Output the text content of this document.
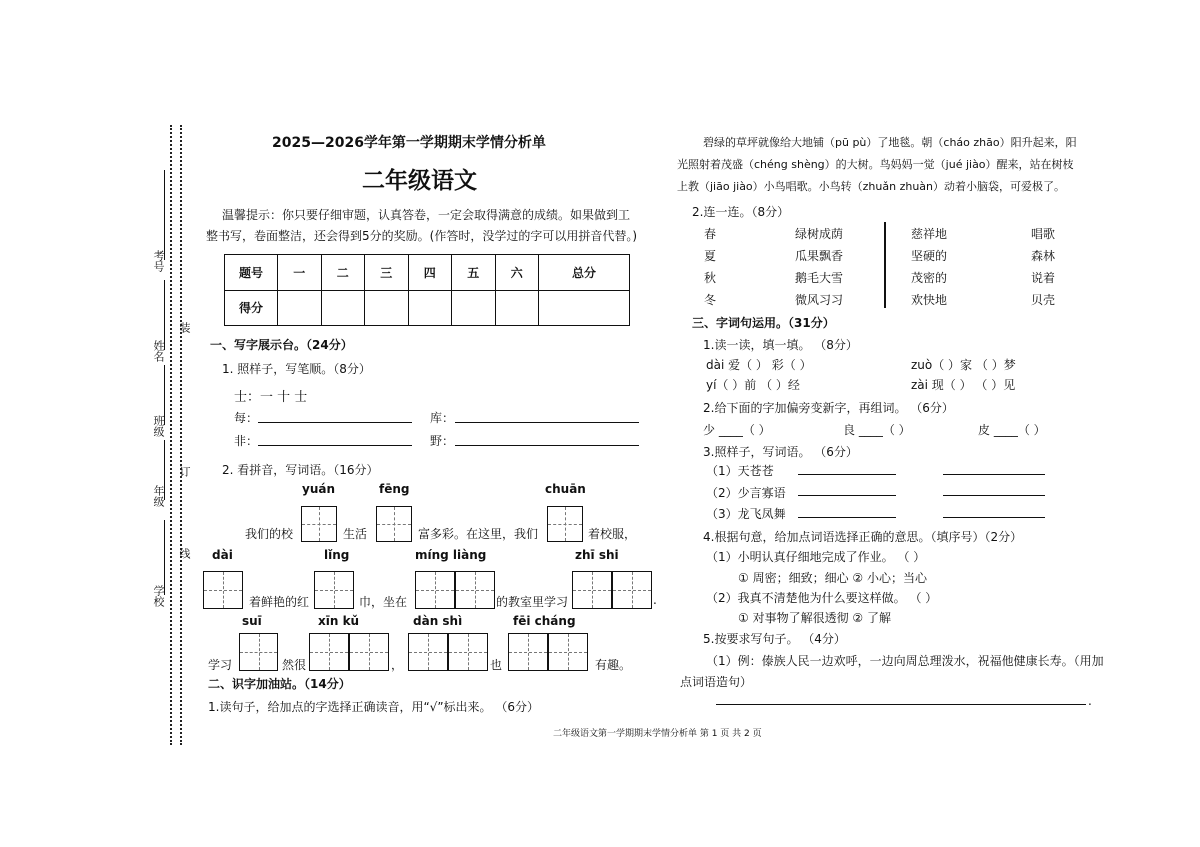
考号
姓名
装
班级
订
年级
线
学校
2025—2026学年第一学期期末学情分析单
二年级语文
温馨提示：你只要仔细审题，认真答卷，一定会取得满意的成绩。如果做到工
整书写，卷面整洁，还会得到5分的奖励。(作答时，没学过的字可以用拼音代替。)
题号	一	二	三	四	五	六	总分
得分							
一、写字展示台。（24分）
1. 照样子，写笔顺。（8分）
士：一 十 士
每：	库：
非：	野：
2. 看拼音，写词语。（16分）
yuán	fēng	chuān
我们的校	生活	富多彩。在这里，我们	着校服，
dài	lǐng	míng liàng	zhī shi
着鲜艳的红	巾，坐在	的教室里学习	.
suī	xīn kǔ	dàn shì	fēi cháng
学习	然很	，	也	有趣。
二、识字加油站。（14分）
1.读句子，给加点的字选择正确读音，用“√”标出来。 （6分）
碧绿的草坪就像给大地铺（pū pù）了地毯。朝（cháo zhāo）阳升起来，阳
光照射着茂盛（chéng shèng）的大树。鸟妈妈一觉（jué jiào）醒来，站在树枝
上教（jiāo jiào）小鸟唱歌。小鸟转（zhuǎn zhuàn）动着小脑袋，可爱极了。
2.连一连。（8分）
春	绿树成荫	慈祥地	唱歌
夏	瓜果飘香	坚硬的	森林
秋	鹅毛大雪	茂密的	说着
冬	微风习习	欢快地	贝壳
三、字词句运用。（31分）
1.读一读，填一填。 （8分）
dài 爱（ ） 彩（ ）	zuò（ ）家 （ ）梦
yí（ ）前 （ ）经	zài 现（ ） （ ）见
2.给下面的字加偏旁变新字，再组词。 （6分）
少 ____（ ）	良 ____（ ）	皮 ____（ ）
3.照样子，写词语。 （6分）
（1）天苍苍
（2）少言寡语
（3）龙飞凤舞
4.根据句意，给加点词语选择正确的意思。（填序号）（2分）
（1）小明认真仔细地完成了作业。 （ ）
① 周密；细致；细心 ② 小心；当心
（2）我真不清楚他为什么要这样做。 （ ）
① 对事物了解很透彻 ② 了解
5.按要求写句子。 （4分）
（1）例：傣族人民一边欢呼，一边向周总理泼水，祝福他健康长寿。（用加
点词语造句）
.
二年级语文第一学期期末学情分析单 第 1 页 共 2 页
